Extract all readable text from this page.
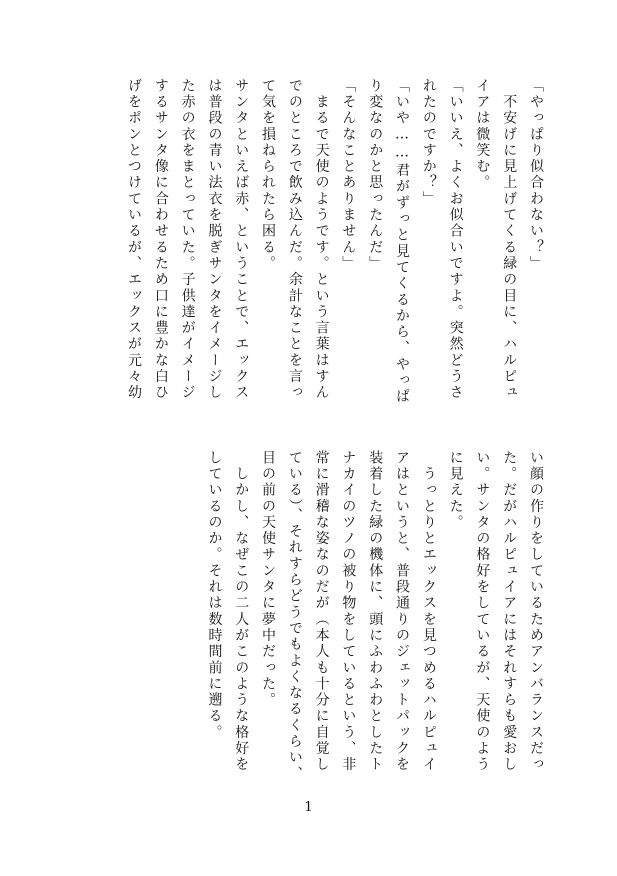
「やっぱり似合わない？」
　不安げに見上げてくる緑の目に、ハルピュ
イアは微笑む。
「いいえ、よくお似合いですよ。突然どうさ
れたのですか？」
「いや……君がずっと見てくるから、やっぱ
り変なのかと思ったんだ」
「そんなことありません」
　まるで天使のようです。という言葉はすん
でのところで飲み込んだ。余計なことを言っ
て気を損ねられたら困る。
サンタといえば赤、ということで、エックス
は普段の青い法衣を脱ぎサンタをイメージし
た赤の衣をまとっていた。子供達がイメージ
するサンタ像に合わせるため口に豊かな白ひ
げをポンとつけているが、エックスが元々幼
い顔の作りをしているためアンバランスだっ
た。だがハルピュイアにはそれすらも愛おし
い。サンタの格好をしているが、天使のよう
に見えた。
　うっとりとエックスを見つめるハルピュイ
アはというと、普段通りのジェットパックを
装着した緑の機体に、頭にふわふわとしたト
ナカイのツノの被り物をしているという、非
常に滑稽な姿なのだが（本人も十分に自覚し
ている）、それすらどうでもよくなるくらい、
目の前の天使サンタに夢中だった。
　しかし、なぜこの二人がこのような格好を
しているのか。それは数時間前に遡る。
1
